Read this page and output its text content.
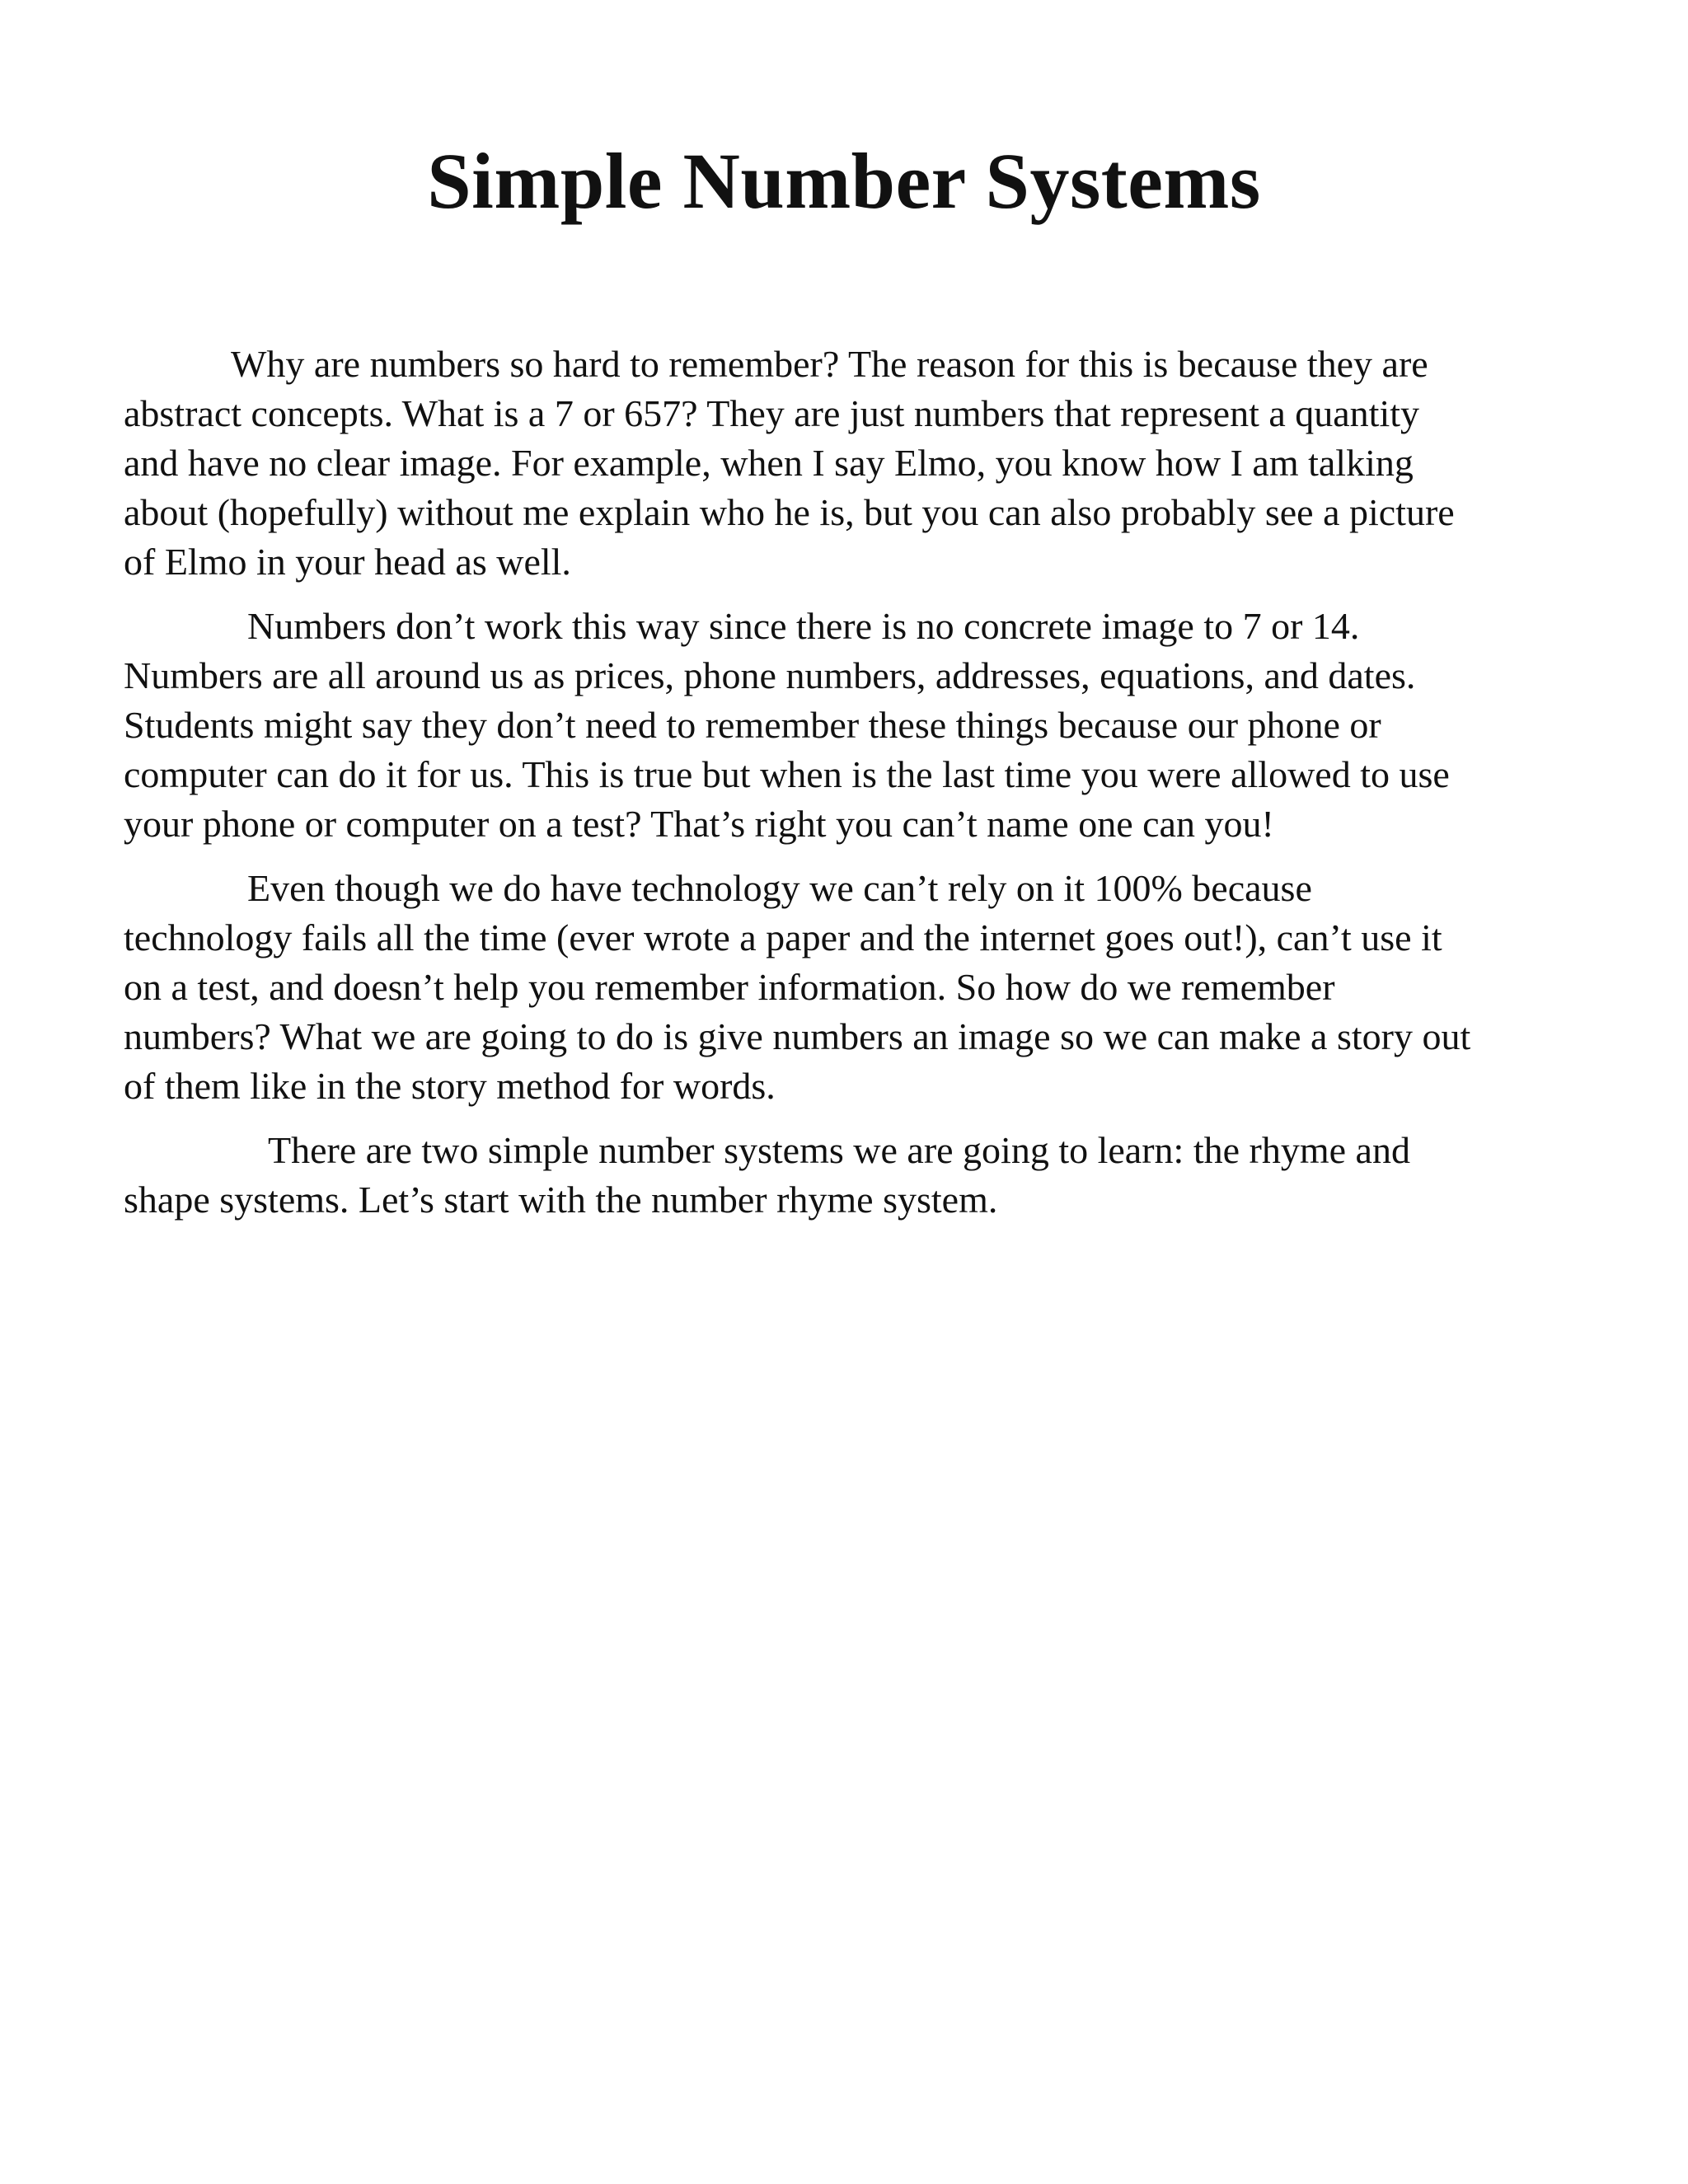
Simple Number Systems

Why are numbers so hard to remember? The reason for this is because they are
abstract concepts. What is a 7 or 657? They are just numbers that represent a quantity
and have no clear image. For example, when I say Elmo, you know how I am talking
about (hopefully) without me explain who he is, but you can also probably see a picture
of Elmo in your head as well.

Numbers don’t work this way since there is no concrete image to 7 or 14.
Numbers are all around us as prices, phone numbers, addresses, equations, and dates.
Students might say they don’t need to remember these things because our phone or
computer can do it for us. This is true but when is the last time you were allowed to use
your phone or computer on a test? That’s right you can’t name one can you!

Even though we do have technology we can’t rely on it 100% because
technology fails all the time (ever wrote a paper and the internet goes out!), can’t use it
on a test, and doesn’t help you remember information. So how do we remember
numbers? What we are going to do is give numbers an image so we can make a story out
of them like in the story method for words.

There are two simple number systems we are going to learn: the rhyme and
shape systems. Let’s start with the number rhyme system.
